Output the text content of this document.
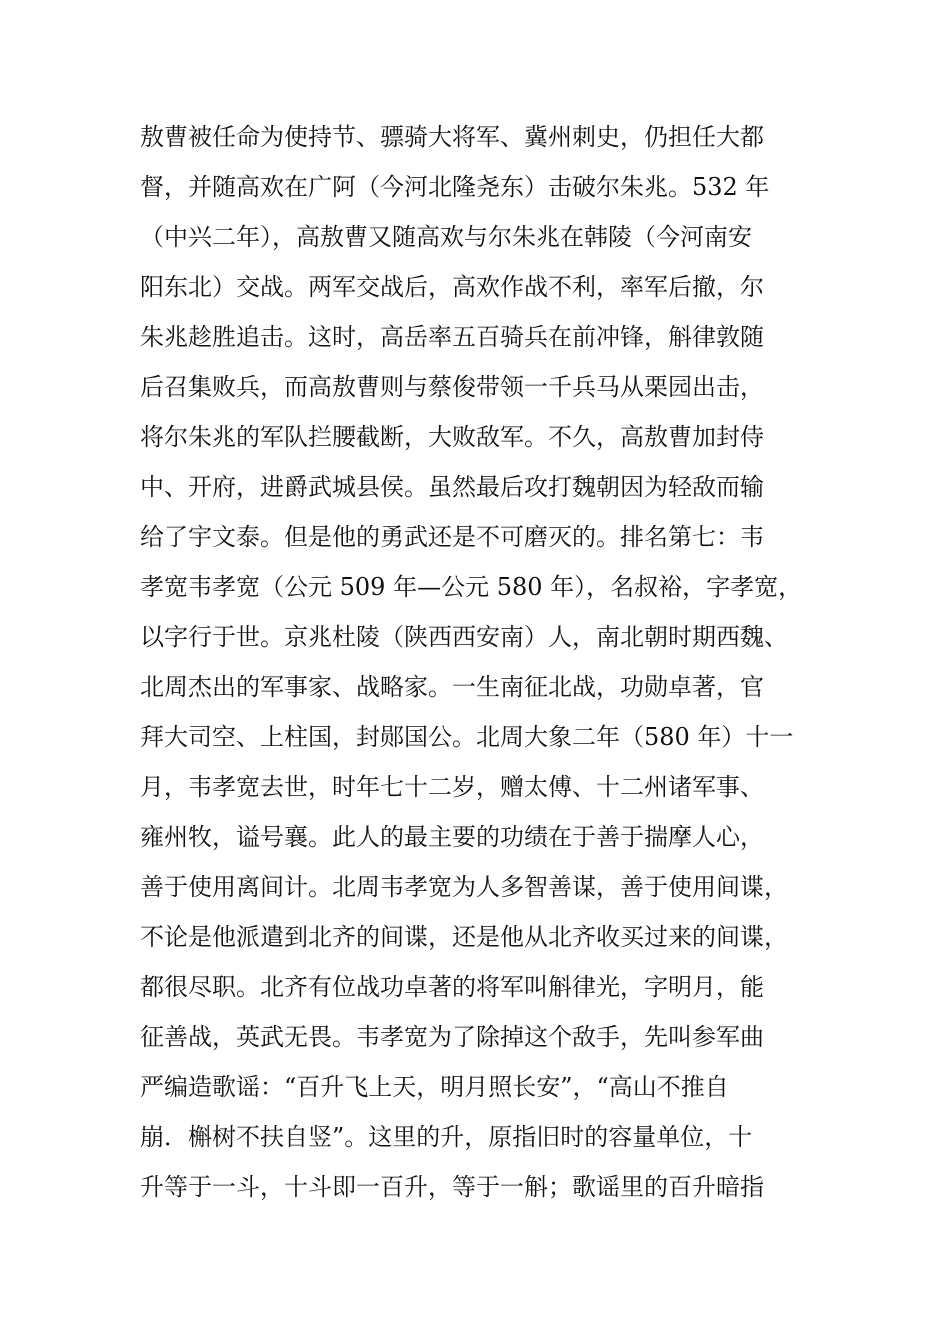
敖曹被任命为使持节、骠骑大将军、冀州刺史，仍担任大都
督，并随高欢在广阿（今河北隆尧东）击破尔朱兆。532 年
（中兴二年），高敖曹又随高欢与尔朱兆在韩陵（今河南安
阳东北）交战。两军交战后，高欢作战不利，率军后撤，尔
朱兆趁胜追击。这时，高岳率五百骑兵在前冲锋，斛律敦随
后召集败兵，而高敖曹则与蔡俊带领一千兵马从栗园出击，
将尔朱兆的军队拦腰截断，大败敌军。不久，高敖曹加封侍
中、开府，进爵武城县侯。虽然最后攻打魏朝因为轻敌而输
给了宇文泰。但是他的勇武还是不可磨灭的。排名第七：韦
孝宽韦孝宽（公元 509 年—公元 580 年），名叔裕，字孝宽，
以字行于世。京兆杜陵（陕西西安南）人，南北朝时期西魏、
北周杰出的军事家、战略家。一生南征北战，功勋卓著，官
拜大司空、上柱国，封郧国公。北周大象二年（580 年）十一
月，韦孝宽去世，时年七十二岁，赠太傅、十二州诸军事、
雍州牧，谥号襄。此人的最主要的功绩在于善于揣摩人心，
善于使用离间计。北周韦孝宽为人多智善谋，善于使用间谍，
不论是他派遣到北齐的间谍，还是他从北齐收买过来的间谍，
都很尽职。北齐有位战功卓著的将军叫斛律光，字明月，能
征善战，英武无畏。韦孝宽为了除掉这个敌手，先叫参军曲
严编造歌谣：“百升飞上天，明月照长安”，“高山不推自
崩．槲树不扶自竖”。这里的升，原指旧时的容量单位，十
升等于一斗，十斗即一百升，等于一斛；歌谣里的百升暗指
